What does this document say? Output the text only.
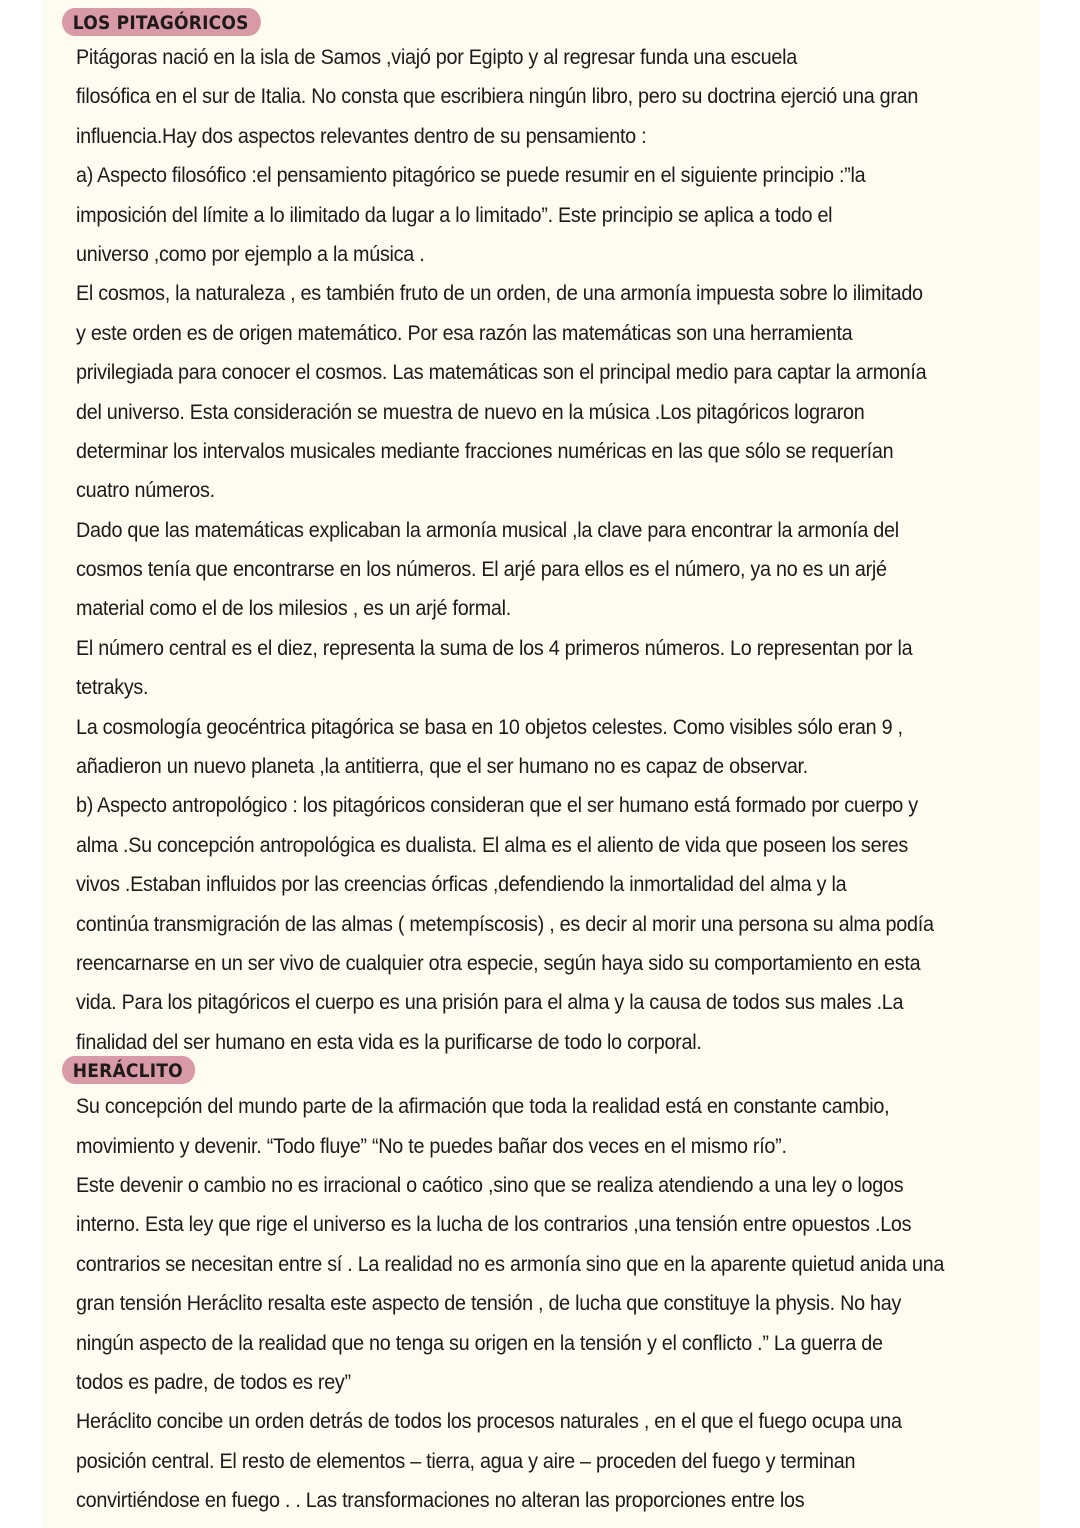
LOS PITAGÓRICOS
Pitágoras nació en la isla de Samos ,viajó por Egipto y al regresar funda una escuela
filosófica en el sur de Italia. No consta que escribiera ningún libro, pero su doctrina ejerció una gran
influencia.Hay dos aspectos relevantes dentro de su pensamiento :
a) Aspecto filosófico :el pensamiento pitagórico se puede resumir en el siguiente principio :”la
imposición del límite a lo ilimitado da lugar a lo limitado”. Este principio se aplica a todo el
universo ,como por ejemplo a la música .
El cosmos, la naturaleza , es también fruto de un orden, de una armonía impuesta sobre lo ilimitado
y este orden es de origen matemático. Por esa razón las matemáticas son una herramienta
privilegiada para conocer el cosmos. Las matemáticas son el principal medio para captar la armonía
del universo. Esta consideración se muestra de nuevo en la música .Los pitagóricos lograron
determinar los intervalos musicales mediante fracciones numéricas en las que sólo se requerían
cuatro números.
Dado que las matemáticas explicaban la armonía musical ,la clave para encontrar la armonía del
cosmos tenía que encontrarse en los números. El arjé para ellos es el número, ya no es un arjé
material como el de los milesios , es un arjé formal.
El número central es el diez, representa la suma de los 4 primeros números. Lo representan por la
tetrakys.
La cosmología geocéntrica pitagórica se basa en 10 objetos celestes. Como visibles sólo eran 9 ,
añadieron un nuevo planeta ,la antitierra, que el ser humano no es capaz de observar.
b) Aspecto antropológico : los pitagóricos consideran que el ser humano está formado por cuerpo y
alma .Su concepción antropológica es dualista. El alma es el aliento de vida que poseen los seres
vivos .Estaban influidos por las creencias órficas ,defendiendo la inmortalidad del alma y la
continúa transmigración de las almas ( metempíscosis) , es decir al morir una persona su alma podía
reencarnarse en un ser vivo de cualquier otra especie, según haya sido su comportamiento en esta
vida. Para los pitagóricos el cuerpo es una prisión para el alma y la causa de todos sus males .La
finalidad del ser humano en esta vida es la purificarse de todo lo corporal.
HERÁCLITO
Su concepción del mundo parte de la afirmación que toda la realidad está en constante cambio,
movimiento y devenir. “Todo fluye” “No te puedes bañar dos veces en el mismo río”.
Este devenir o cambio no es irracional o caótico ,sino que se realiza atendiendo a una ley o logos
interno. Esta ley que rige el universo es la lucha de los contrarios ,una tensión entre opuestos .Los
contrarios se necesitan entre sí . La realidad no es armonía sino que en la aparente quietud anida una
gran tensión Heráclito resalta este aspecto de tensión , de lucha que constituye la physis. No hay
ningún aspecto de la realidad que no tenga su origen en la tensión y el conflicto .” La guerra de
todos es padre, de todos es rey”
Heráclito concibe un orden detrás de todos los procesos naturales , en el que el fuego ocupa una
posición central. El resto de elementos – tierra, agua y aire – proceden del fuego y terminan
convirtiéndose en fuego . . Las transformaciones no alteran las proporciones entre los
